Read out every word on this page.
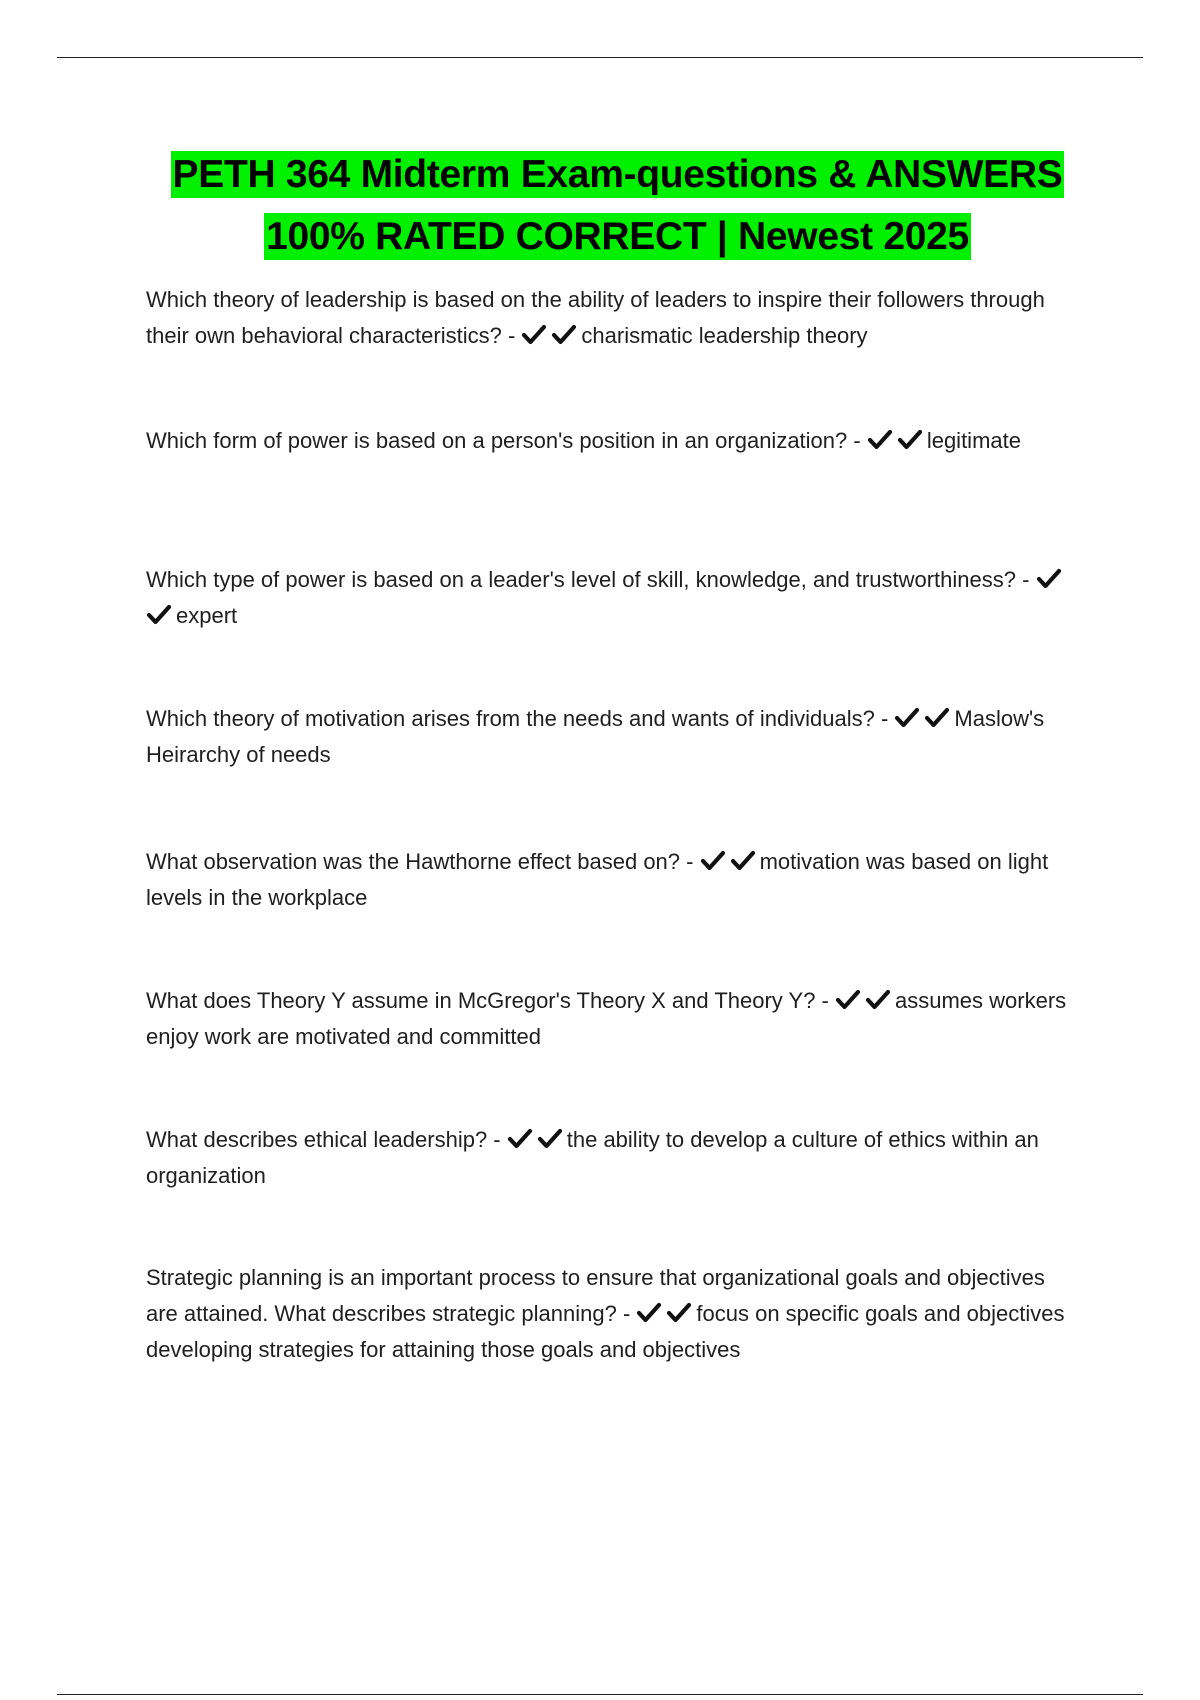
PETH 364 Midterm Exam-questions & ANSWERS
100% RATED CORRECT | Newest 2025
Which theory of leadership is based on the ability of leaders to inspire their followers through their own behavioral characteristics? -	charismatic leadership theory
Which form of power is based on a person's position in an organization? -	legitimate
Which type of power is based on a leader's level of skill, knowledge, and trustworthiness? -
expert
Which theory of motivation arises from the needs and wants of individuals? -	Maslow's Heirarchy of needs
What observation was the Hawthorne effect based on? -	motivation was based on light levels in the workplace
What does Theory Y assume in McGregor's Theory X and Theory Y? -	assumes workers enjoy work are motivated and committed
What describes ethical leadership? -	the ability to develop a culture of ethics within an organization
Strategic planning is an important process to ensure that organizational goals and objectives are attained. What describes strategic planning? -	focus on specific goals and objectives developing strategies for attaining those goals and objectives
